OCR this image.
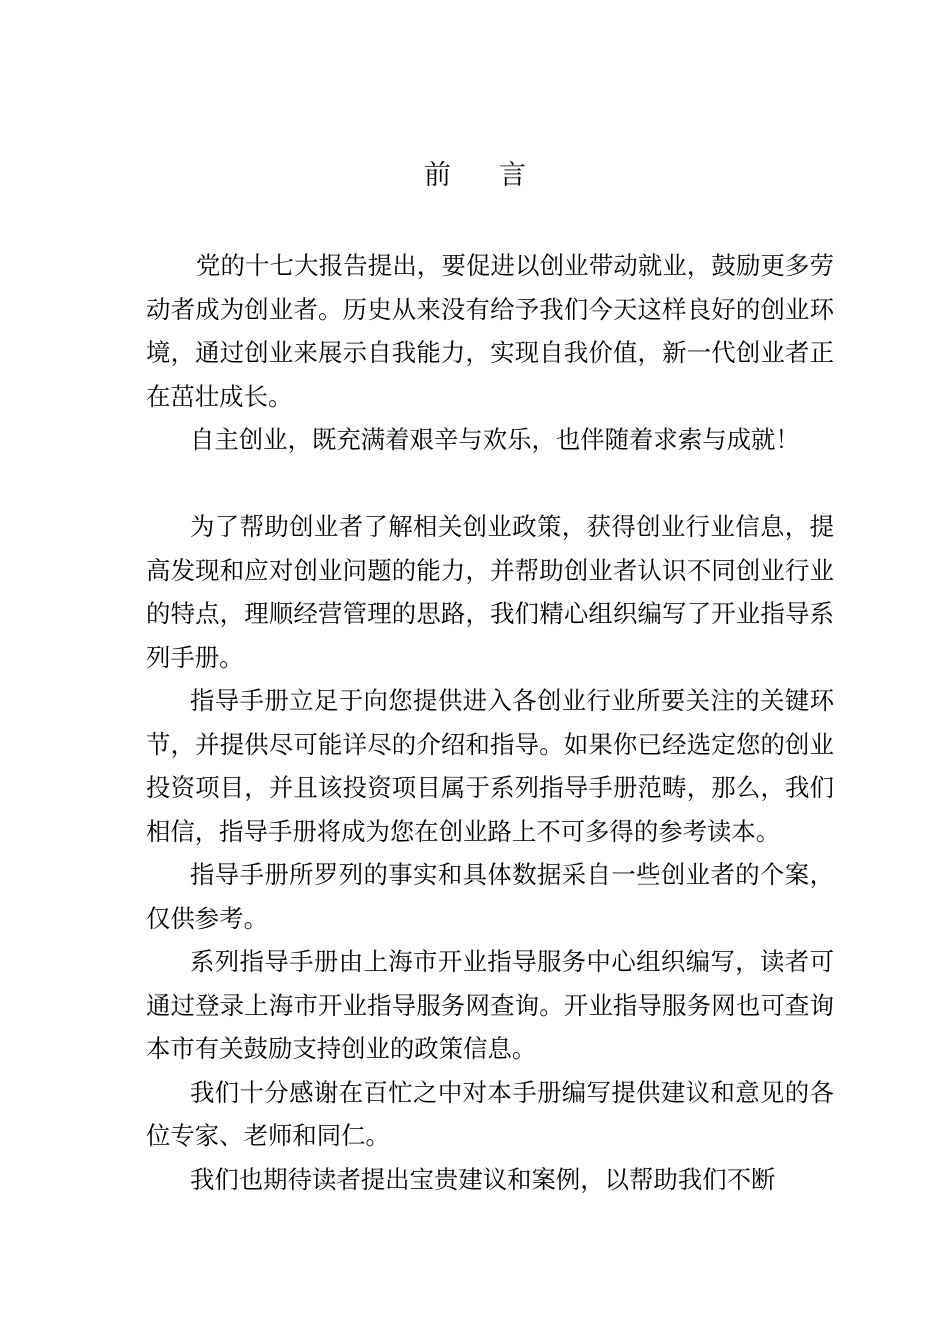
前 言

党的十七大报告提出，要促进以创业带动就业，鼓励更多劳动者成为创业者。历史从来没有给予我们今天这样良好的创业环境，通过创业来展示自我能力，实现自我价值，新一代创业者正在茁壮成长。

自主创业，既充满着艰辛与欢乐，也伴随着求索与成就！

为了帮助创业者了解相关创业政策，获得创业行业信息，提高发现和应对创业问题的能力，并帮助创业者认识不同创业行业的特点，理顺经营管理的思路，我们精心组织编写了开业指导系列手册。

指导手册立足于向您提供进入各创业行业所要关注的关键环节，并提供尽可能详尽的介绍和指导。如果你已经选定您的创业投资项目，并且该投资项目属于系列指导手册范畴，那么，我们相信，指导手册将成为您在创业路上不可多得的参考读本。

指导手册所罗列的事实和具体数据采自一些创业者的个案，仅供参考。

系列指导手册由上海市开业指导服务中心组织编写，读者可通过登录上海市开业指导服务网查询。开业指导服务网也可查询本市有关鼓励支持创业的政策信息。

我们十分感谢在百忙之中对本手册编写提供建议和意见的各位专家、老师和同仁。

我们也期待读者提出宝贵建议和案例，以帮助我们不断
